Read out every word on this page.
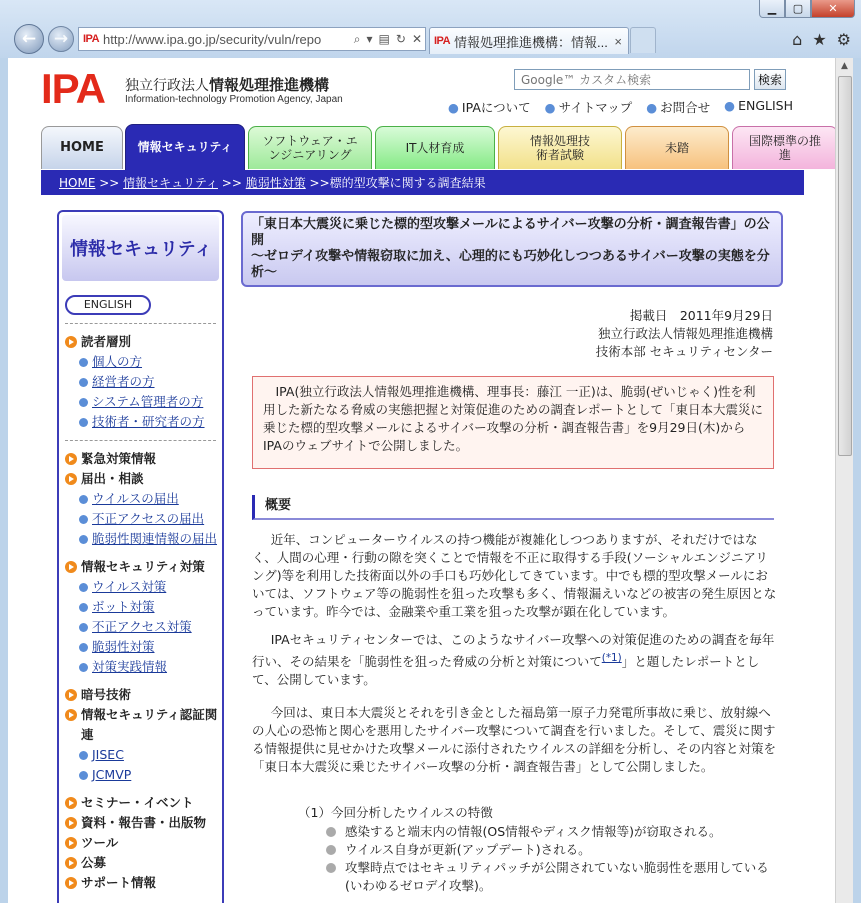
▁	▢	✕
← → IPA http://www.ipa.go.jp/security/vuln/repo	⌕ ▾ ▤ ↻ ✕ IPA 情報処理推進機構：情報... ×	⌂ ★ ⚙
IPA 独立行政法人情報処理推進機構
Information-technology Promotion Agency, Japan
Google™ カスタム検索
検索
● IPAについて ● サイトマップ ● お問合せ ● ENGLISH
HOME	情報セキュリティ ソフトウェア・エンジニアリング
IT人材育成
情報処理技術者試験
未踏
国際標準の推進
HOME >> 情報セキュリティ >> 脆弱性対策 >> 標的型攻撃に関する調査結果
情報セキュリティ
ENGLISH
読者層別
個人の方
経営者の方
システム管理者の方
技術者・研究者の方
緊急対策情報
届出・相談
ウイルスの届出
不正アクセスの届出
脆弱性関連情報の届出
情報セキュリティ対策
ウイルス対策
ボット対策
不正アクセス対策
脆弱性対策
対策実践情報
暗号技術
情報セキュリティ認証関連
JISEC
JCMVP
セミナー・イベント
資料・報告書・出版物
ツール
公募
サポート情報
「東日本大震災に乗じた標的型攻撃メールによるサイバー攻撃の分析・調査報告書」の公開
～ゼロデイ攻撃や情報窃取に加え、心理的にも巧妙化しつつあるサイバー攻撃の実態を分析～
掲載日　2011年9月29日
独立行政法人情報処理推進機構
技術本部 セキュリティセンター
IPA(独立行政法人情報処理推進機構、理事長：藤江 一正)は、脆弱(ぜいじゃく)性を利用した新たなる脅威の実態把握と対策促進のための調査レポートとして「東日本大震災に乗じた標的型攻撃メールによるサイバー攻撃の分析・調査報告書」を9月29日(木)からIPAのウェブサイトで公開しました。
概要
近年、コンピューターウイルスの持つ機能が複雑化しつつありますが、それだけではなく、人間の心理・行動の隙を突くことで情報を不正に取得する手段(ソーシャルエンジニアリング)等を利用した技術面以外の手口も巧妙化してきています。中でも標的型攻撃メールにおいては、ソフトウェア等の脆弱性を狙った攻撃も多く、情報漏えいなどの被害の発生原因となっています。昨今では、金融業や重工業を狙った攻撃が顕在化しています。
IPAセキュリティセンターでは、このようなサイバー攻撃への対策促進のための調査を毎年行い、その結果を「脆弱性を狙った脅威の分析と対策について$^{(*1)}$」と題したレポートとして、公開しています。
今回は、東日本大震災とそれを引き金とした福島第一原子力発電所事故に乗じ、放射線への人心の恐怖と関心を悪用したサイバー攻撃について調査を行いました。そして、震災に関する情報提供に見せかけた攻撃メールに添付されたウイルスの詳細を分析し、その内容と対策を「東日本大震災に乗じたサイバー攻撃の分析・調査報告書」として公開しました。
（1）今回分析したウイルスの特徴
感染すると端末内の情報(OS情報やディスク情報等)が窃取される。
ウイルス自身が更新(アップデート)される。
攻撃時点ではセキュリティパッチが公開されていない脆弱性を悪用している(いわゆるゼロデイ攻撃)。
▲
